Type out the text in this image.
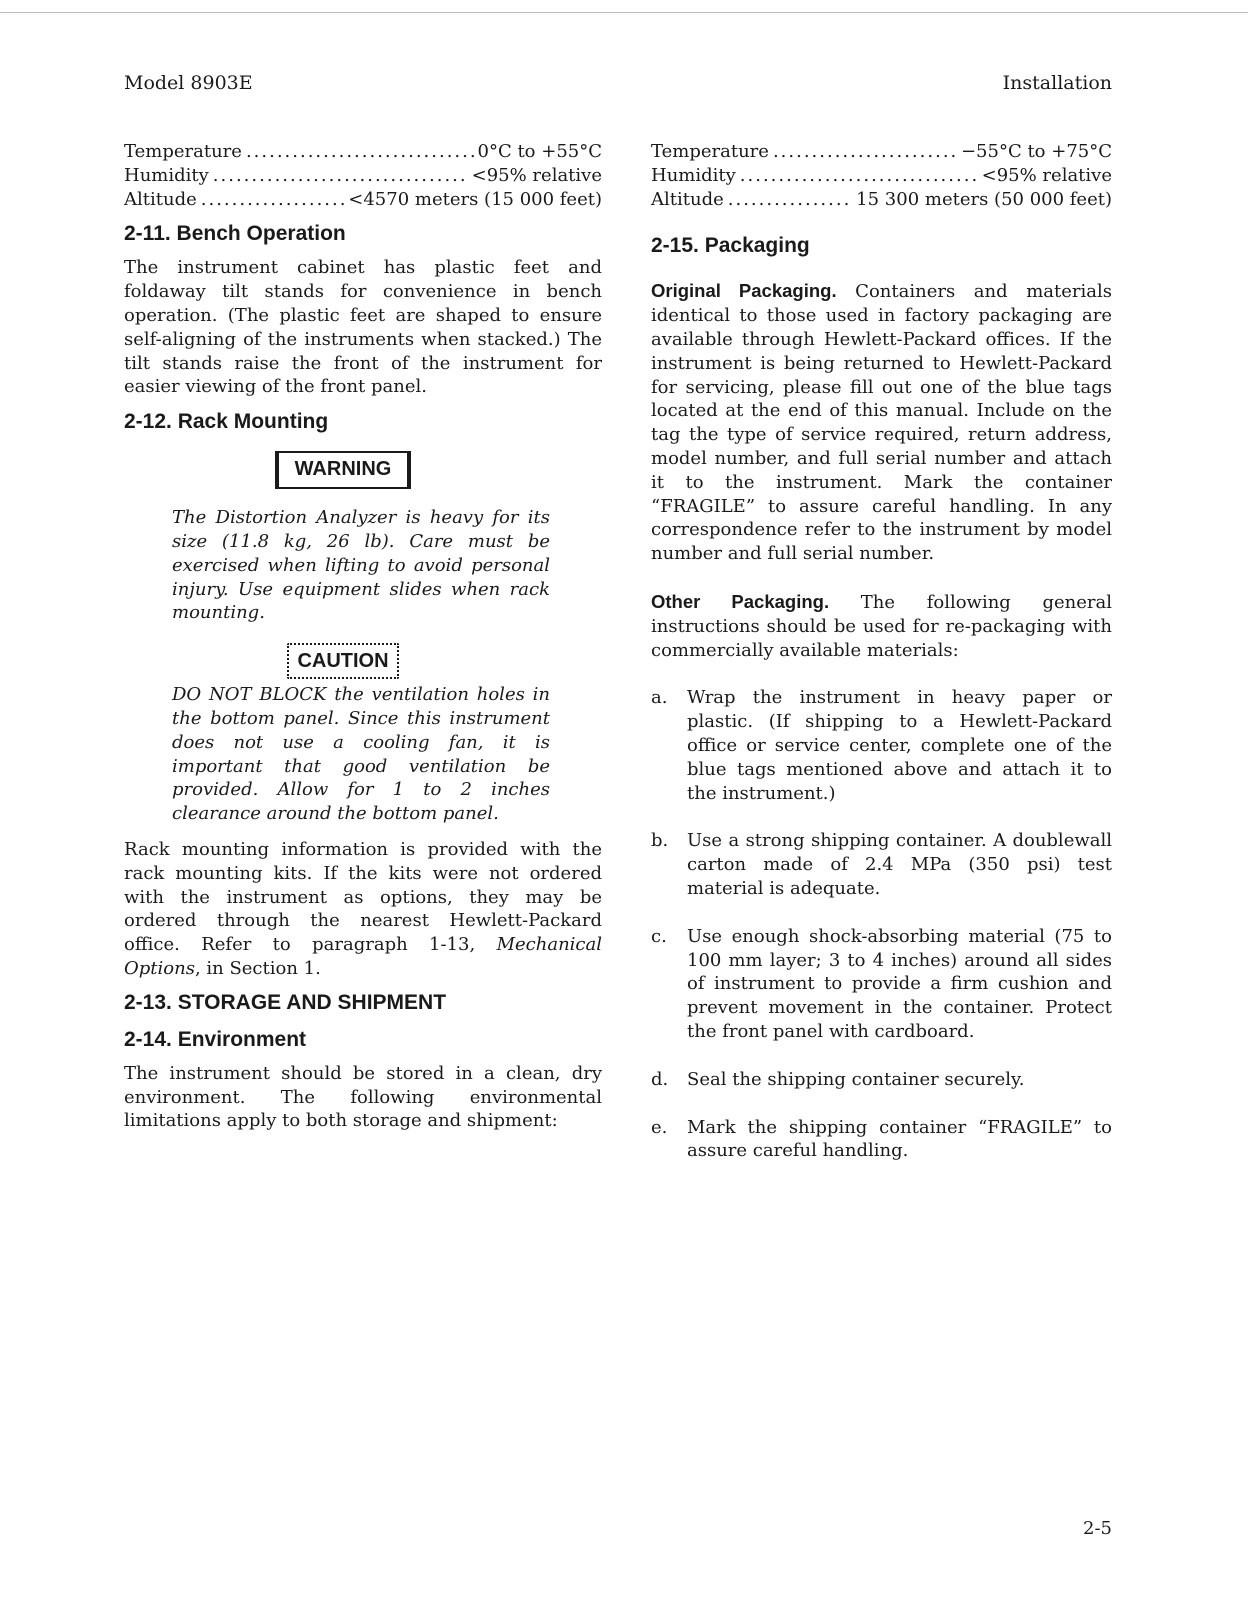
Model 8903E	Installation
Temperature .....	0°C to +55°C
Humidity .....	<95% relative
Altitude .....	<4570 meters (15 000 feet)
2-11. Bench Operation

The instrument cabinet has plastic feet and foldaway tilt stands for convenience in bench operation. (The plastic feet are shaped to ensure self-aligning of the instruments when stacked.) The tilt stands raise the front of the instrument for easier viewing of the front panel.

2-12. Rack Mounting
WARNING

The Distortion Analyzer is heavy for its size (11.8 kg, 26 lb). Care must be exercised when lifting to avoid personal injury. Use equipment slides when rack mounting.

CAUTION

DO NOT BLOCK the ventilation holes in the bottom panel. Since this instrument does not use a cooling fan, it is important that good ventilation be provided. Allow for 1 to 2 inches clearance around the bottom panel.

Rack mounting information is provided with the rack mounting kits. If the kits were not ordered with the instrument as options, they may be ordered through the nearest Hewlett-Packard office. Refer to paragraph 1-13, Mechanical Options, in Section 1.

2-13. STORAGE AND SHIPMENT
2-14. Environment

The instrument should be stored in a clean, dry environment. The following environmental limitations apply to both storage and shipment:

Temperature .....	−55°C to +75°C
Humidity .....	<95% relative
Altitude .....	15 300 meters (50 000 feet)
2-15. Packaging

Original Packaging. Containers and materials identical to those used in factory packaging are available through Hewlett-Packard offices. If the instrument is being returned to Hewlett-Packard for servicing, please fill out one of the blue tags located at the end of this manual. Include on the tag the type of service required, return address, model number, and full serial number and attach it to the instrument. Mark the container “FRAGILE” to assure careful handling. In any correspondence refer to the instrument by model number and full serial number.

Other Packaging. The following general instructions should be used for re-packaging with commercially available materials:

a.	Wrap the instrument in heavy paper or plastic. (If shipping to a Hewlett-Packard office or service center, complete one of the blue tags mentioned above and attach it to the instrument.)
b.	Use a strong shipping container. A doublewall carton made of 2.4 MPa (350 psi) test material is adequate.
c.	Use enough shock-absorbing material (75 to 100 mm layer; 3 to 4 inches) around all sides of instrument to provide a firm cushion and prevent movement in the container. Protect the front panel with cardboard.
d.	Seal the shipping container securely.
e.	Mark the shipping container “FRAGILE” to assure careful handling.
2-5
